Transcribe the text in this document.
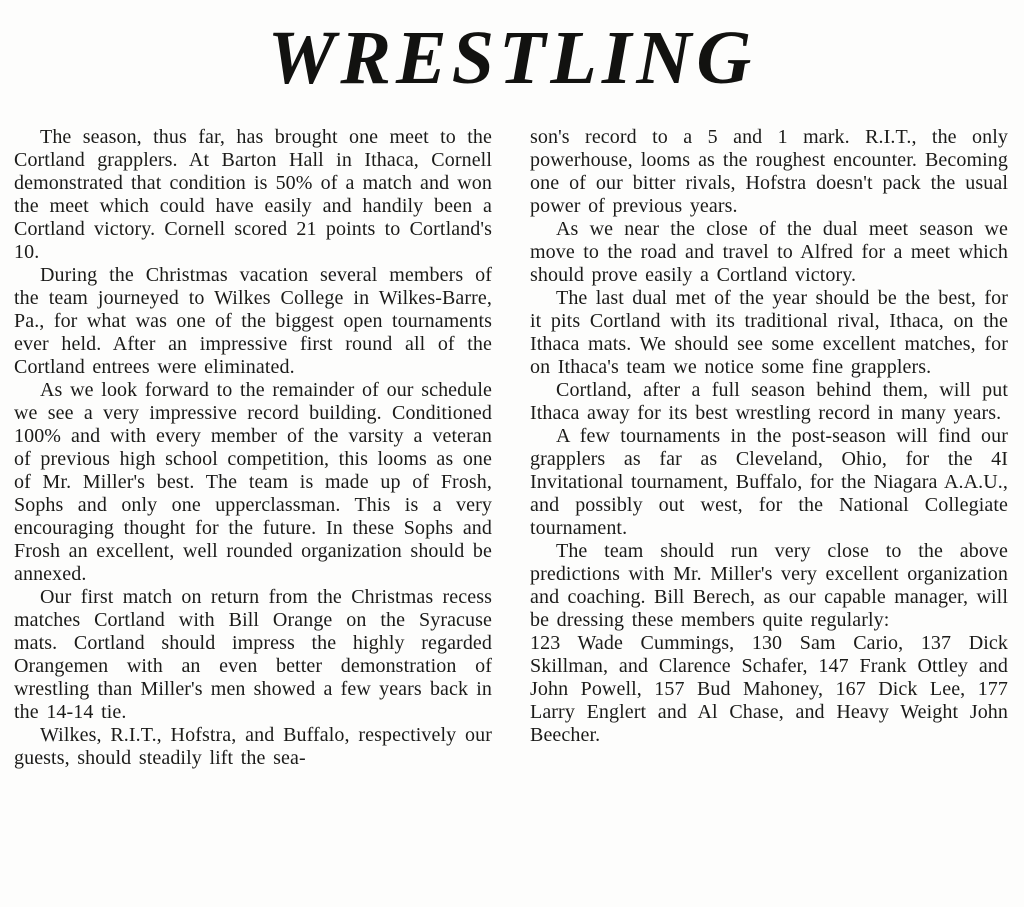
WRESTLING

The season, thus far, has brought one meet to the Cortland grapplers. At Barton Hall in Ithaca, Cornell demonstrated that condition is 50% of a match and won the meet which could have easily and handily been a Cortland victory. Cornell scored 21 points to Cortland's 10.

During the Christmas vacation several members of the team journeyed to Wilkes College in Wilkes-Barre, Pa., for what was one of the biggest open tournaments ever held. After an impressive first round all of the Cortland entrees were eliminated.

As we look forward to the remainder of our schedule we see a very impressive record building. Conditioned 100% and with every member of the varsity a veteran of previous high school competition, this looms as one of Mr. Miller's best. The team is made up of Frosh, Sophs and only one upperclassman. This is a very encouraging thought for the future. In these Sophs and Frosh an excellent, well rounded organization should be annexed.

Our first match on return from the Christmas recess matches Cortland with Bill Orange on the Syracuse mats. Cortland should impress the highly regarded Orangemen with an even better demonstration of wrestling than Miller's men showed a few years back in the 14-14 tie.

Wilkes, R.I.T., Hofstra, and Buffalo, respectively our guests, should steadily lift the sea-

son's record to a 5 and 1 mark. R.I.T., the only powerhouse, looms as the roughest encounter. Becoming one of our bitter rivals, Hofstra doesn't pack the usual power of previous years.

As we near the close of the dual meet season we move to the road and travel to Alfred for a meet which should prove easily a Cortland victory.

The last dual met of the year should be the best, for it pits Cortland with its traditional rival, Ithaca, on the Ithaca mats. We should see some excellent matches, for on Ithaca's team we notice some fine grapplers.

Cortland, after a full season behind them, will put Ithaca away for its best wrestling record in many years.

A few tournaments in the post-season will find our grapplers as far as Cleveland, Ohio, for the 4I Invitational tournament, Buffalo, for the Niagara A.A.U., and possibly out west, for the National Collegiate tournament.

The team should run very close to the above predictions with Mr. Miller's very excellent organization and coaching. Bill Berech, as our capable manager, will be dressing these members quite regularly:

123 Wade Cummings, 130 Sam Cario, 137 Dick Skillman, and Clarence Schafer, 147 Frank Ottley and John Powell, 157 Bud Mahoney, 167 Dick Lee, 177 Larry Englert and Al Chase, and Heavy Weight John Beecher.
